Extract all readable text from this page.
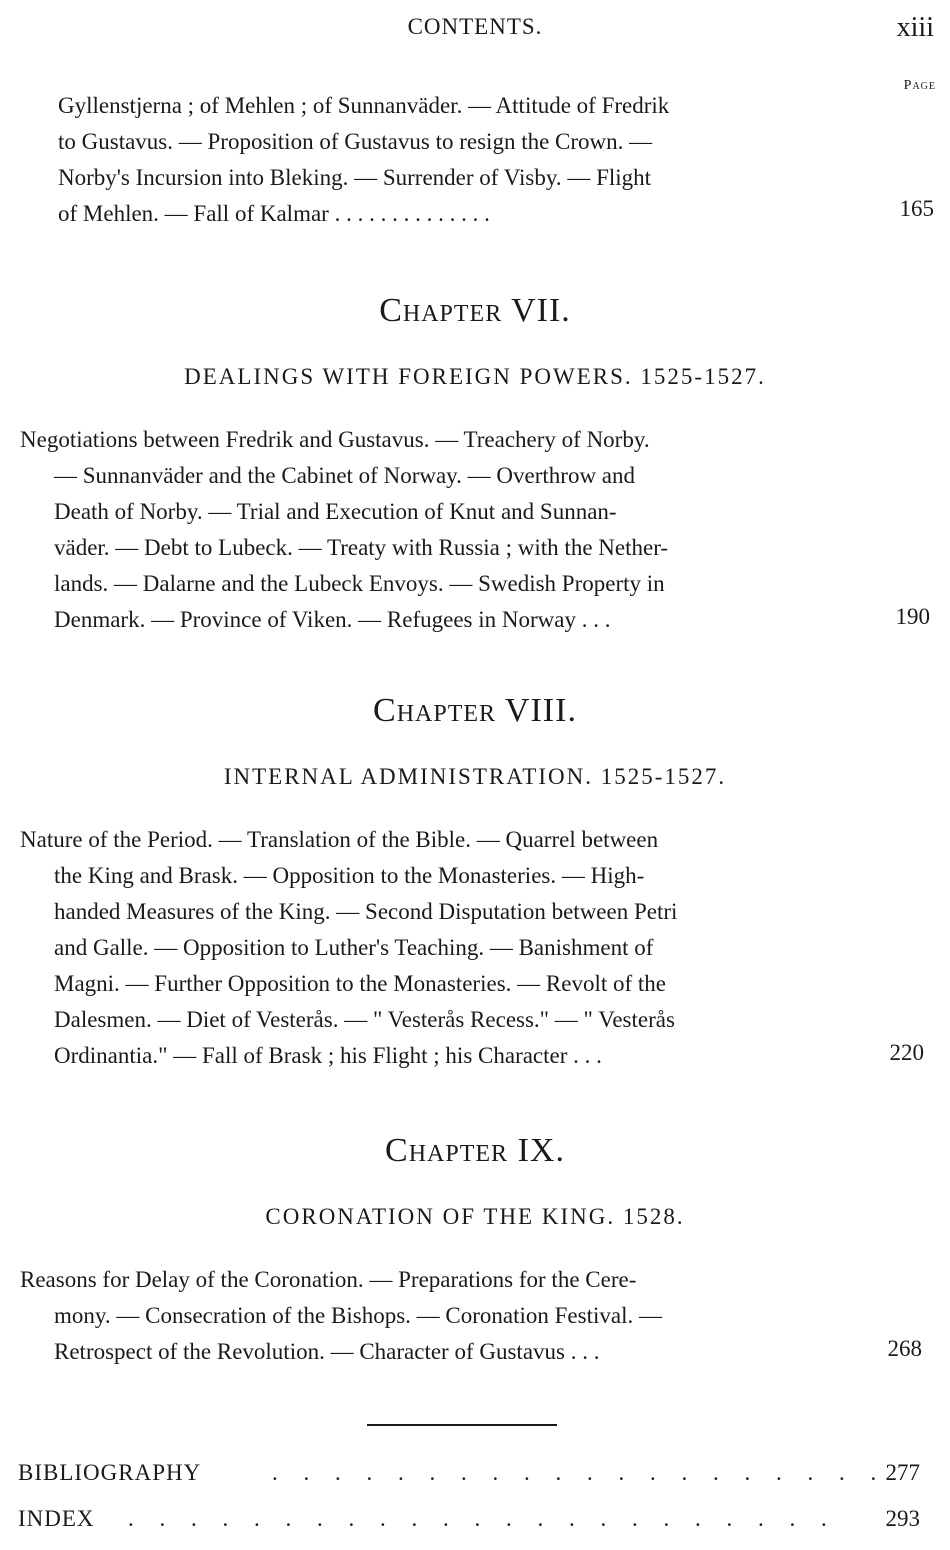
CONTENTS.	xiii
Page
Gyllenstjerna ; of Mehlen ; of Sunnanväder. — Attitude of Fredrik
to Gustavus. — Proposition of Gustavus to resign the Crown. —
Norby's Incursion into Bleking. — Surrender of Visby. — Flight
of Mehlen. — Fall of Kalmar . . . . . . . . . . . . . .	165
Chapter VII.
DEALINGS WITH FOREIGN POWERS. 1525-1527.
Negotiations between Fredrik and Gustavus. — Treachery of Norby.
— Sunnanväder and the Cabinet of Norway. — Overthrow and
Death of Norby. — Trial and Execution of Knut and Sunnan-
väder. — Debt to Lubeck. — Treaty with Russia ; with the Nether-
lands. — Dalarne and the Lubeck Envoys. — Swedish Property in
Denmark. — Province of Viken. — Refugees in Norway . . .	190
Chapter VIII.
INTERNAL ADMINISTRATION. 1525-1527.
Nature of the Period. — Translation of the Bible. — Quarrel between
the King and Brask. — Opposition to the Monasteries. — High-
handed Measures of the King. — Second Disputation between Petri
and Galle. — Opposition to Luther's Teaching. — Banishment of
Magni. — Further Opposition to the Monasteries. — Revolt of the
Dalesmen. — Diet of Vesterås. — " Vesterås Recess." — " Vesterås
Ordinantia." — Fall of Brask ; his Flight ; his Character . . .	220
Chapter IX.
CORONATION OF THE KING. 1528.
Reasons for Delay of the Coronation. — Preparations for the Cere-
mony. — Consecration of the Bishops. — Coronation Festival. —
Retrospect of the Revolution. — Character of Gustavus . . .	268
BIBLIOGRAPHY	. . . . . . . . . . . . . . . . . . . . 277
INDEX . . . . . . . . . . . . . . . . . . . . . . .	293
